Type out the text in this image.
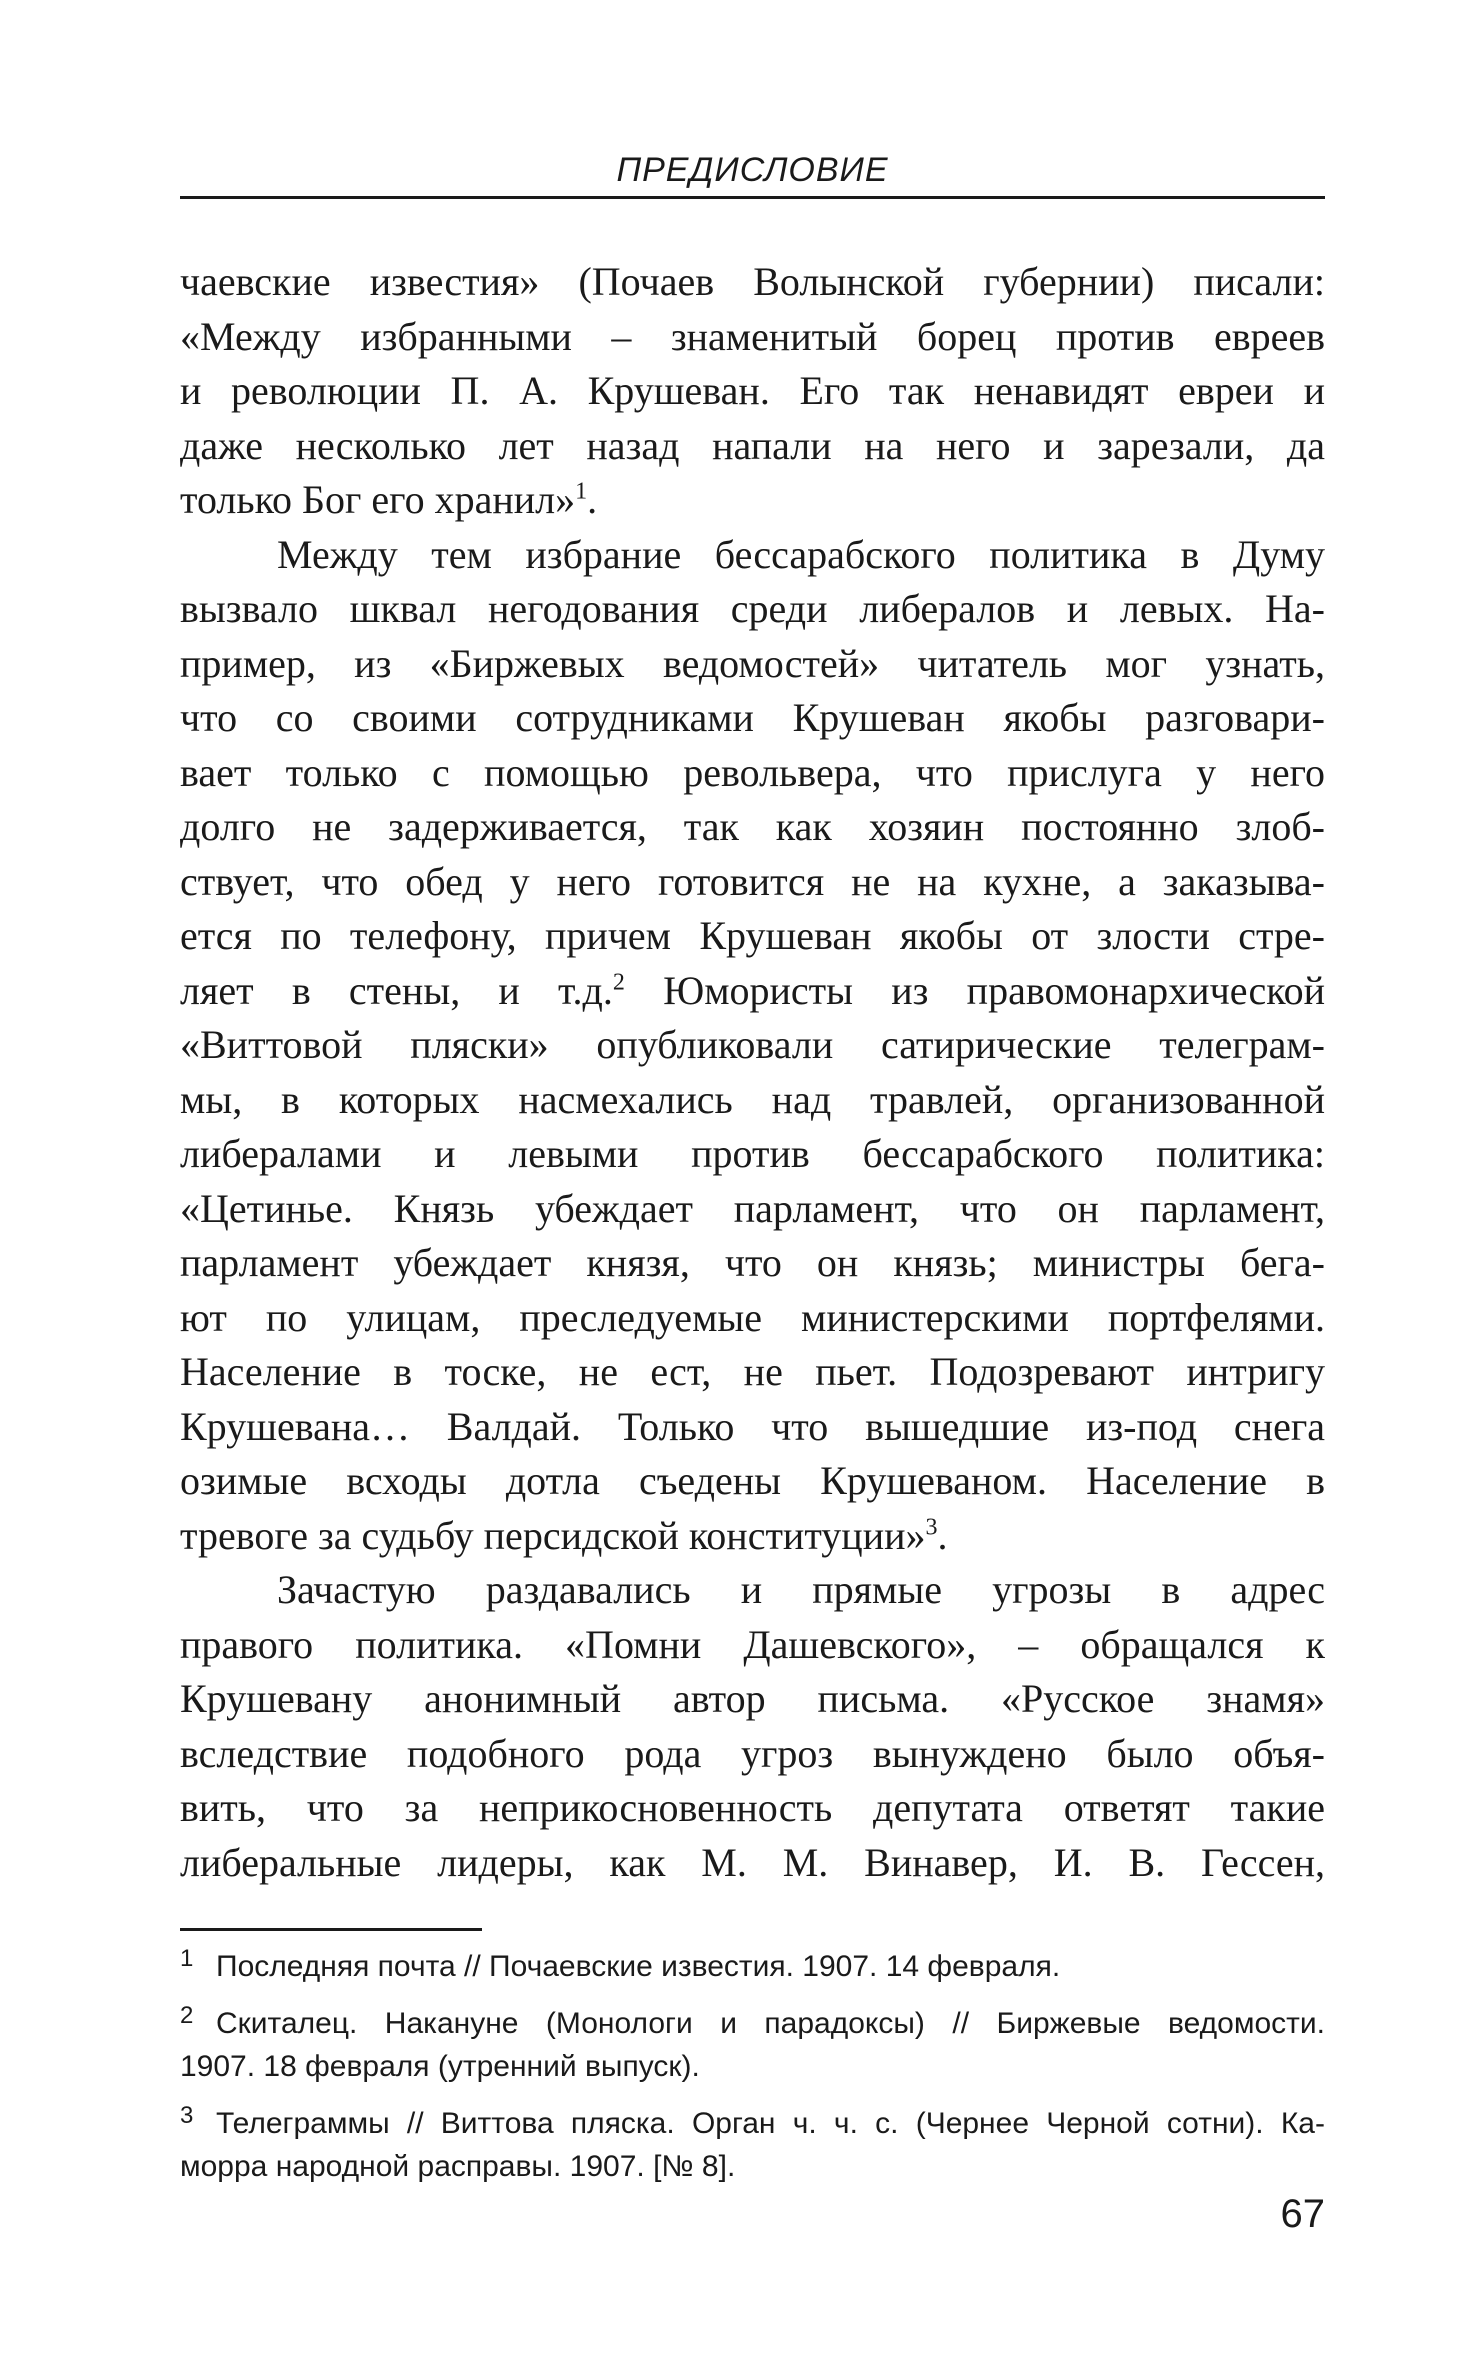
ПРЕДИСЛОВИЕ
чаевские известия» (Почаев Волынской губернии) писали:
«Между избранными – знаменитый борец против евреев
и революции П. А. Крушеван. Его так ненавидят евреи и
даже несколько лет назад напали на него и зарезали, да
только Бог его хранил»$^1$.
Между тем избрание бессарабского политика в Думу
вызвало шквал негодования среди либералов и левых. На-
пример, из «Биржевых ведомостей» читатель мог узнать,
что со своими сотрудниками Крушеван якобы разговари-
вает только с помощью револьвера, что прислуга у него
долго не задерживается, так как хозяин постоянно злоб-
ствует, что обед у него готовится не на кухне, а заказыва-
ется по телефону, причем Крушеван якобы от злости стре-
ляет в стены, и т.д.$^2$ Юмористы из правомонархической
«Виттовой пляски» опубликовали сатирические телеграм-
мы, в которых насмехались над травлей, организованной
либералами и левыми против бессарабского политика:
«Цетинье. Князь убеждает парламент, что он парламент,
парламент убеждает князя, что он князь; министры бега-
ют по улицам, преследуемые министерскими портфелями.
Население в тоске, не ест, не пьет. Подозревают интригу
Крушевана… Валдай. Только что вышедшие из-под снега
озимые всходы дотла съедены Крушеваном. Население в
тревоге за судьбу персидской конституции»$^3$.
Зачастую раздавались и прямые угрозы в адрес
правого политика. «Помни Дашевского», – обращался к
Крушевану анонимный автор письма. «Русское знамя»
вследствие подобного рода угроз вынуждено было объя-
вить, что за неприкосновенность депутата ответят такие
либеральные лидеры, как М. М. Винавер, И. В. Гессен,
1 Последняя почта // Почаевские известия. 1907. 14 февраля.
2 Скиталец. Накануне (Монологи и парадоксы) // Биржевые ведомости.
1907. 18 февраля (утренний выпуск).
3 Телеграммы // Виттова пляска. Орган ч. ч. с. (Чернее Черной сотни). Ка-
морра народной расправы. 1907. [№ 8].
67
